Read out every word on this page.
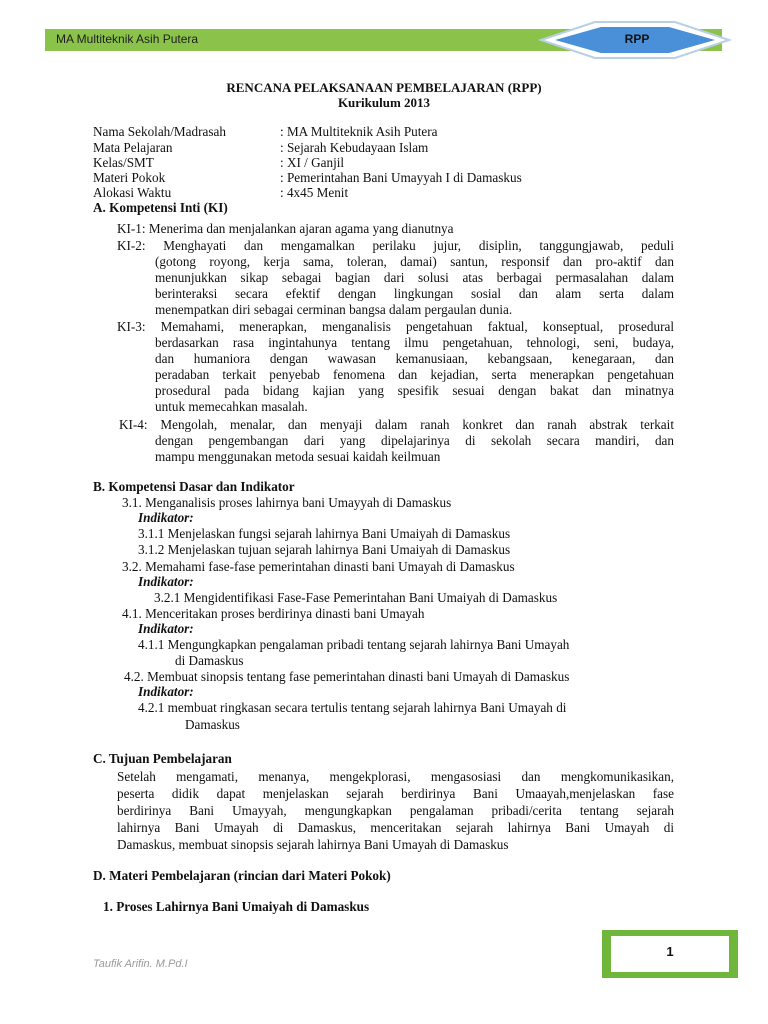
MA Multiteknik Asih Putera	RPP
RENCANA PELAKSANAAN PEMBELAJARAN (RPP)
Kurikulum 2013
Nama Sekolah/Madrasah	: MA Multiteknik Asih Putera
Mata Pelajaran	: Sejarah Kebudayaan Islam
Kelas/SMT	: XI / Ganjil
Materi Pokok	: Pemerintahan Bani Umayyah I di Damaskus
Alokasi Waktu	: 4x45 Menit
A. Kompetensi Inti (KI)
KI-1: Menerima dan menjalankan ajaran agama yang dianutnya
KI-2: Menghayati dan mengamalkan perilaku jujur, disiplin, tanggungjawab, peduli
(gotong royong, kerja sama, toleran, damai) santun, responsif dan pro-aktif dan
menunjukkan sikap sebagai bagian dari solusi atas berbagai permasalahan dalam
berinteraksi secara efektif dengan lingkungan sosial dan alam serta dalam
menempatkan diri sebagai cerminan bangsa dalam pergaulan dunia.
KI-3: Memahami, menerapkan, menganalisis pengetahuan faktual, konseptual, prosedural
berdasarkan rasa ingintahunya tentang ilmu pengetahuan, tehnologi, seni, budaya,
dan humaniora dengan wawasan kemanusiaan, kebangsaan, kenegaraan, dan
peradaban terkait penyebab fenomena dan kejadian, serta menerapkan pengetahuan
prosedural pada bidang kajian yang spesifik sesuai dengan bakat dan minatnya
untuk memecahkan masalah.
KI-4: Mengolah, menalar, dan menyaji dalam ranah konkret dan ranah abstrak terkait
dengan pengembangan dari yang dipelajarinya di sekolah secara mandiri, dan
mampu menggunakan metoda sesuai kaidah keilmuan
B. Kompetensi Dasar dan Indikator
3.1. Menganalisis proses lahirnya bani Umayyah di Damaskus
Indikator:
3.1.1 Menjelaskan fungsi sejarah lahirnya Bani Umaiyah di Damaskus
3.1.2 Menjelaskan tujuan sejarah lahirnya Bani Umaiyah di Damaskus
3.2. Memahami fase-fase pemerintahan dinasti bani Umayah di Damaskus
Indikator:
3.2.1 Mengidentifikasi Fase-Fase Pemerintahan Bani Umaiyah di Damaskus
4.1. Menceritakan proses berdirinya dinasti bani Umayah
Indikator:
4.1.1 Mengungkapkan pengalaman pribadi tentang sejarah lahirnya Bani Umayah
di Damaskus
4.2. Membuat sinopsis tentang fase pemerintahan dinasti bani Umayah di Damaskus
Indikator:
4.2.1 membuat ringkasan secara tertulis tentang sejarah lahirnya Bani Umayah di
Damaskus
C. Tujuan Pembelajaran
Setelah mengamati, menanya, mengekplorasi, mengasosiasi dan mengkomunikasikan,
peserta didik dapat menjelaskan sejarah berdirinya Bani Umaayah,menjelaskan fase
berdirinya Bani Umayyah, mengungkapkan pengalaman pribadi/cerita tentang sejarah
lahirnya Bani Umayah di Damaskus, menceritakan sejarah lahirnya Bani Umayah di
Damaskus, membuat sinopsis sejarah lahirnya Bani Umayah di Damaskus
D. Materi Pembelajaran (rincian dari Materi Pokok)
1. Proses Lahirnya Bani Umaiyah di Damaskus
1
Taufik Arifin. M.Pd.I
